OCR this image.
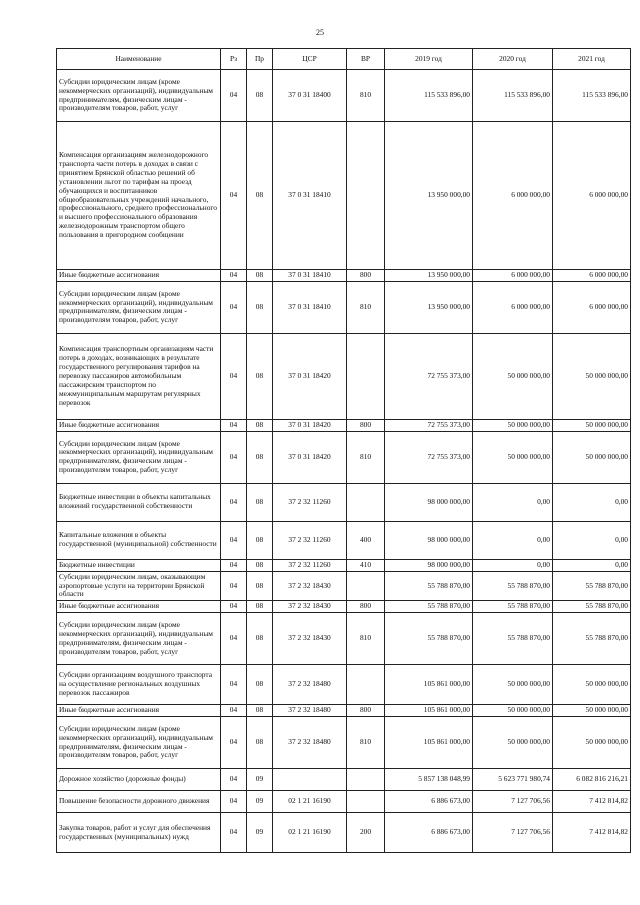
25
Наименование	Рз	Пр	ЦСР	ВР	2019 год	2020 год	2021 год
Субсидии юридическим лицам (кроме некоммерческих организаций), индивидуальным предпринимателям, физическим лицам - производителям товаров, работ, услуг	04	08	37 0 31 18400	810	115 533 896,00	115 533 896,00	115 533 896,00
Компенсация организациям железнодорожного транспорта части потерь в доходах в связи с принятием Брянской областью решений об установлении льгот по тарифам на проезд обучающихся и воспитанников общеобразовательных учреждений начального, профессионального, среднего профессионального и высшего профессионального образования железнодорожным транспортом общего пользования в пригородном сообщении	04	08	37 0 31 18410		13 950 000,00	6 000 000,00	6 000 000,00
Иные бюджетные ассигнования	04	08	37 0 31 18410	800	13 950 000,00	6 000 000,00	6 000 000,00
Субсидии юридическим лицам (кроме некоммерческих организаций), индивидуальным предпринимателям, физическим лицам - производителям товаров, работ, услуг	04	08	37 0 31 18410	810	13 950 000,00	6 000 000,00	6 000 000,00
Компенсация транспортным организациям части потерь в доходах, возникающих в результате государственного регулирования тарифов на перевозку пассажиров автомобильным пассажирским транспортом по межмуниципальным маршрутам регулярных перевозок	04	08	37 0 31 18420		72 755 373,00	50 000 000,00	50 000 000,00
Иные бюджетные ассигнования	04	08	37 0 31 18420	800	72 755 373,00	50 000 000,00	50 000 000,00
Субсидии юридическим лицам (кроме некоммерческих организаций), индивидуальным предпринимателям, физическим лицам - производителям товаров, работ, услуг	04	08	37 0 31 18420	810	72 755 373,00	50 000 000,00	50 000 000,00
Бюджетные инвестиции в объекты капитальных вложений государственной собственности	04	08	37 2 32 11260		98 000 000,00	0,00	0,00
Капитальные вложения в объекты государственной (муниципальной) собственности	04	08	37 2 32 11260	400	98 000 000,00	0,00	0,00
Бюджетные инвестиции	04	08	37 2 32 11260	410	98 000 000,00	0,00	0,00
Субсидии юридическим лицам, оказывающим аэропортовые услуги на территории Брянской области	04	08	37 2 32 18430		55 788 870,00	55 788 870,00	55 788 870,00
Иные бюджетные ассигнования	04	08	37 2 32 18430	800	55 788 870,00	55 788 870,00	55 788 870,00
Субсидии юридическим лицам (кроме некоммерческих организаций), индивидуальным предпринимателям, физическим лицам - производителям товаров, работ, услуг	04	08	37 2 32 18430	810	55 788 870,00	55 788 870,00	55 788 870,00
Субсидии организациям воздушного транспорта на осуществление региональных воздушных перевозок пассажиров	04	08	37 2 32 18480		105 861 000,00	50 000 000,00	50 000 000,00
Иные бюджетные ассигнования	04	08	37 2 32 18480	800	105 861 000,00	50 000 000,00	50 000 000,00
Субсидии юридическим лицам (кроме некоммерческих организаций), индивидуальным предпринимателям, физическим лицам - производителям товаров, работ, услуг	04	08	37 2 32 18480	810	105 861 000,00	50 000 000,00	50 000 000,00
Дорожное хозяйство (дорожные фонды)	04	09			5 857 138 048,99	5 623 771 980,74	6 082 816 216,21
Повышение безопасности дорожного движения	04	09	02 1 21 16190		6 886 673,00	7 127 706,56	7 412 814,82
Закупка товаров, работ и услуг для обеспечения государственных (муниципальных) нужд	04	09	02 1 21 16190	200	6 886 673,00	7 127 706,56	7 412 814,82
